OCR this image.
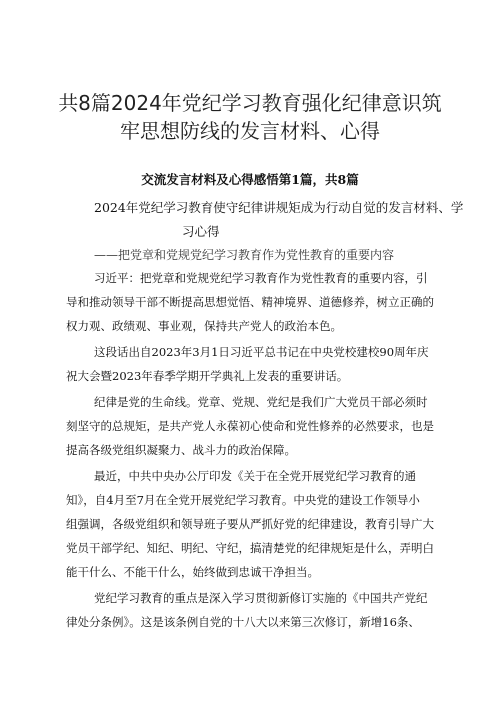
共8篇2024年党纪学习教育强化纪律意识筑
牢思想防线的发言材料、心得
交流发言材料及心得感悟第1篇，共8篇
2024年党纪学习教育使守纪律讲规矩成为行动自觉的发言材料、学
习心得
——把党章和党规党纪学习教育作为党性教育的重要内容
习近平：把党章和党规党纪学习教育作为党性教育的重要内容，引
导和推动领导干部不断提高思想觉悟、精神境界、道德修养，树立正确的
权力观、政绩观、事业观，保持共产党人的政治本色。
这段话出自2023年3月1日习近平总书记在中央党校建校90周年庆
祝大会暨2023年春季学期开学典礼上发表的重要讲话。
纪律是党的生命线。党章、党规、党纪是我们广大党员干部必须时
刻坚守的总规矩，是共产党人永葆初心使命和党性修养的必然要求，也是
提高各级党组织凝聚力、战斗力的政治保障。
最近，中共中央办公厅印发《关于在全党开展党纪学习教育的通
知》，自4月至7月在全党开展党纪学习教育。中央党的建设工作领导小
组强调，各级党组织和领导班子要从严抓好党的纪律建设，教育引导广大
党员干部学纪、知纪、明纪、守纪，搞清楚党的纪律规矩是什么，弄明白
能干什么、不能干什么，始终做到忠诚干净担当。
党纪学习教育的重点是深入学习贯彻新修订实施的《中国共产党纪
律处分条例》。这是该条例自党的十八大以来第三次修订，新增16条、
